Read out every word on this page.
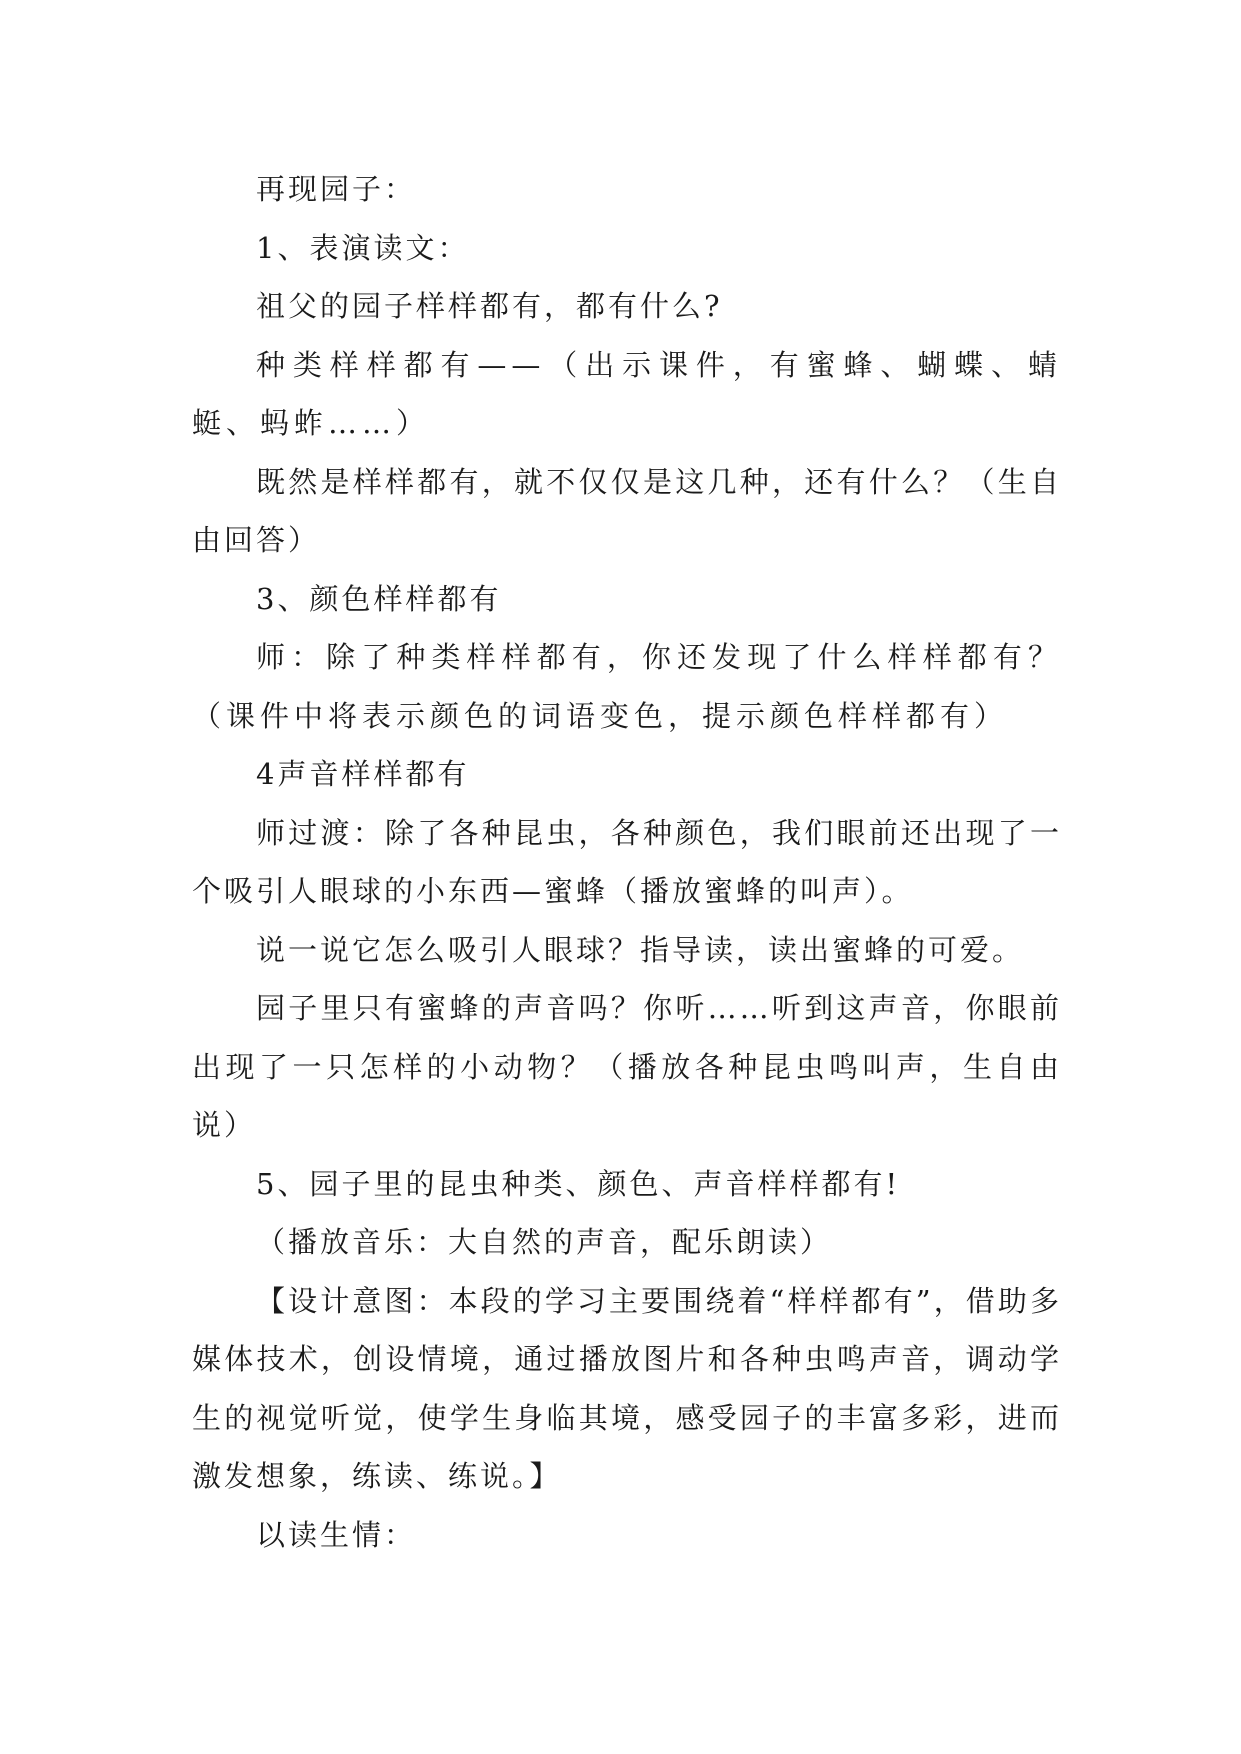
再现园子：

1、表演读文：

祖父的园子样样都有，都有什么?

种类样样都有——（出示课件，有蜜蜂、蝴蝶、蜻蜓、蚂蚱……）

既然是样样都有，就不仅仅是这几种，还有什么？（生自由回答）

3、颜色样样都有

师：除了种类样样都有，你还发现了什么样样都有？（课件中将表示颜色的词语变色，提示颜色样样都有）

4声音样样都有

师过渡：除了各种昆虫，各种颜色，我们眼前还出现了一个吸引人眼球的小东西—蜜蜂（播放蜜蜂的叫声）。

说一说它怎么吸引人眼球？指导读，读出蜜蜂的可爱。

园子里只有蜜蜂的声音吗？你听……听到这声音，你眼前出现了一只怎样的小动物？（播放各种昆虫鸣叫声，生自由说）

5、园子里的昆虫种类、颜色、声音样样都有!

（播放音乐：大自然的声音，配乐朗读）

【设计意图：本段的学习主要围绕着“样样都有”，借助多媒体技术，创设情境，通过播放图片和各种虫鸣声音，调动学生的视觉听觉，使学生身临其境，感受园子的丰富多彩，进而激发想象，练读、练说。】

以读生情：
